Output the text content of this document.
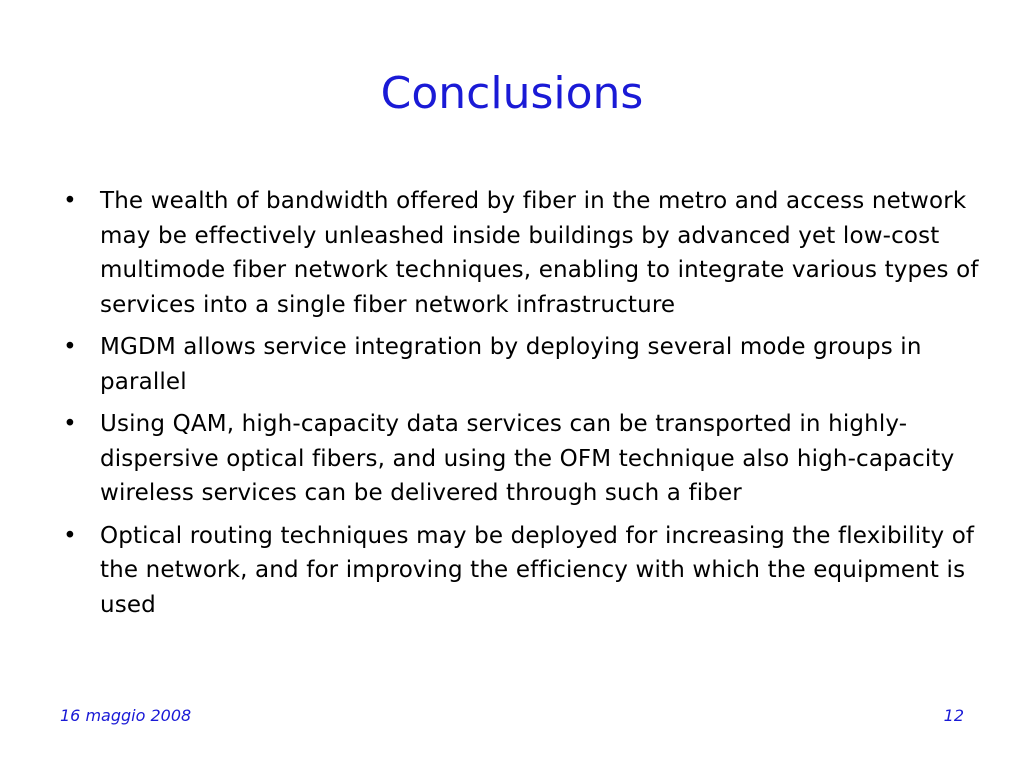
Conclusions
• The wealth of bandwidth offered by fiber in the metro and access network may be effectively unleashed inside buildings by advanced yet low-cost multimode fiber network techniques, enabling to integrate various types of services into a single fiber network infrastructure
• MGDM allows service integration by deploying several mode groups in parallel
• Using QAM, high-capacity data services can be transported in highly-dispersive optical fibers, and using the OFM technique also high-capacity wireless services can be delivered through such a fiber
• Optical routing techniques may be deployed for increasing the flexibility of the network, and for improving the efficiency with which the equipment is used
16 maggio 2008	12
